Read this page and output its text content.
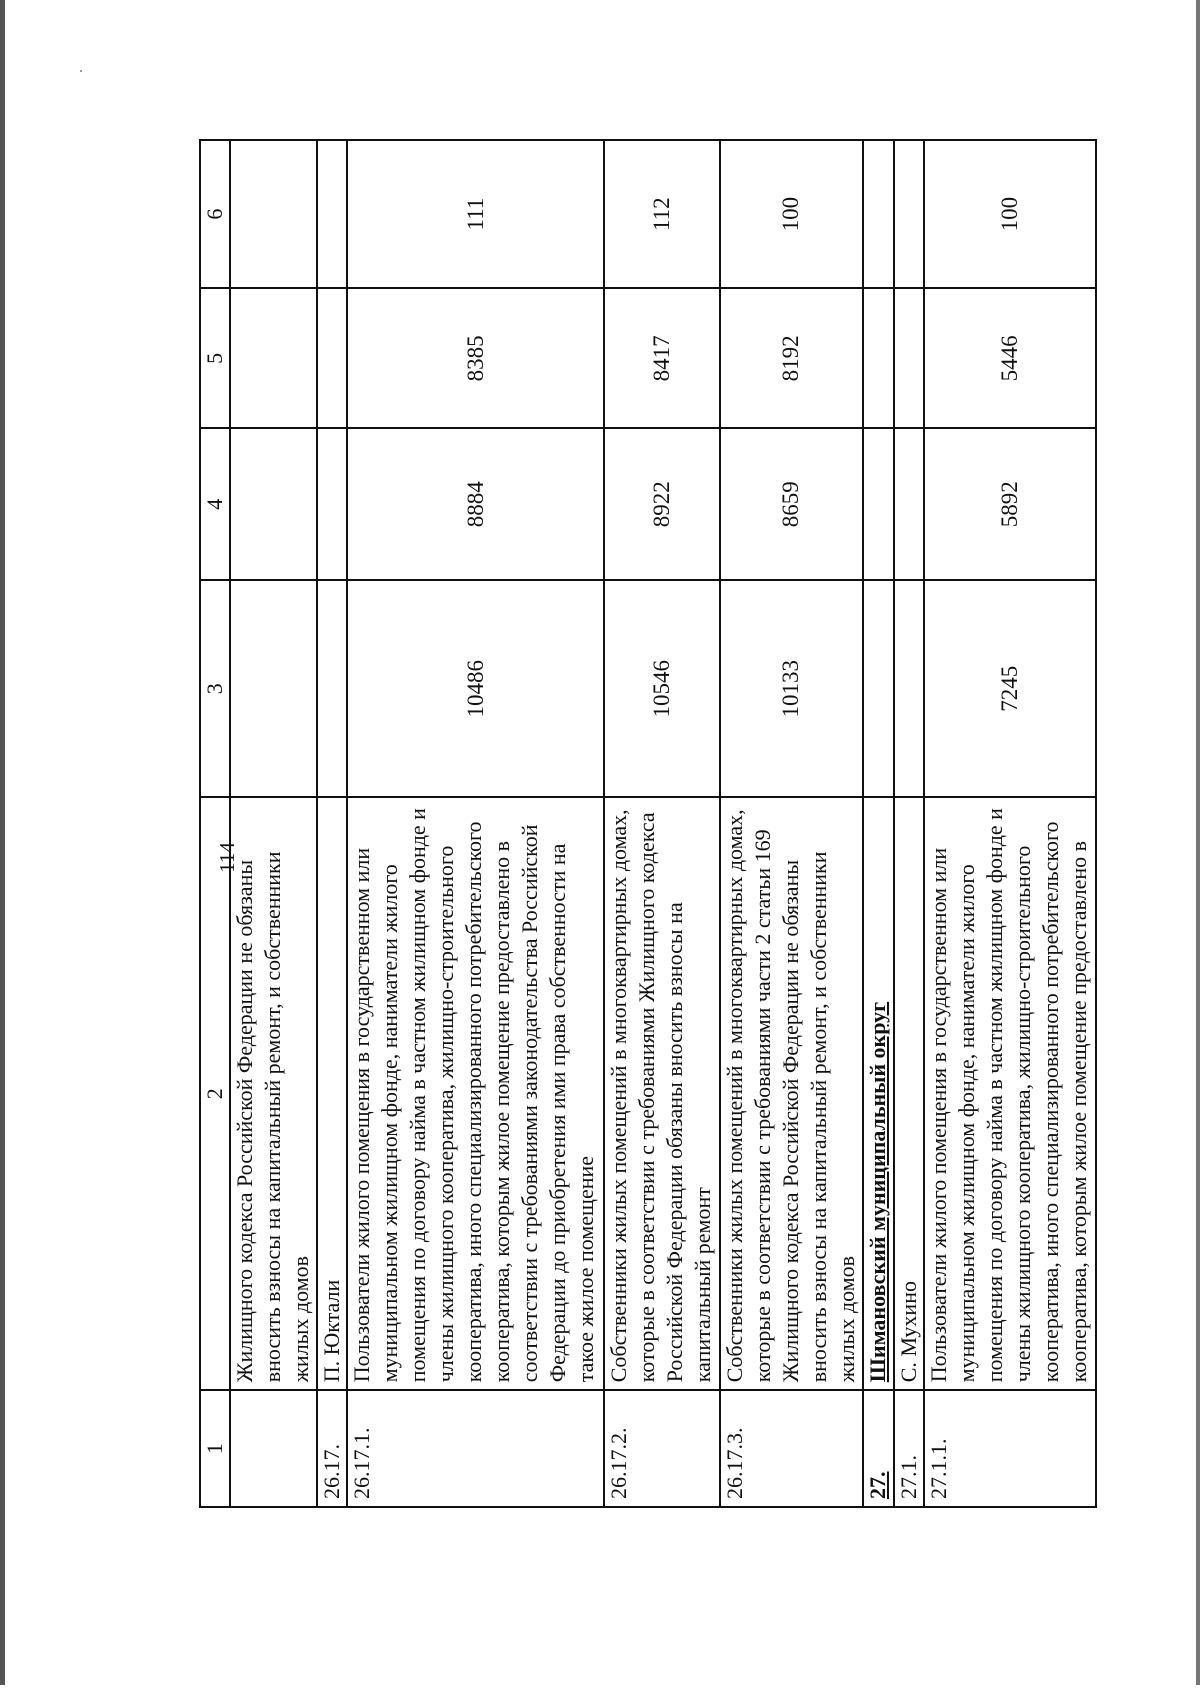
114
1	2	3	4	5	6
	Жилищного кодекса Российской Федерации не обязаны вносить взносы на капитальный ремонт, и собственники жилых домов				
26.17.	П. Юктали				
26.17.1.	Пользователи жилого помещения в государственном или муниципальном жилищном фонде, наниматели жилого помещения по договору найма в частном жилищном фонде и члены жилищного кооператива, жилищно-строительного кооператива, иного специализированного потребительского кооператива, которым жилое помещение предоставлено в соответствии с требованиями законодательства Российской Федерации до приобретения ими права собственности на такое жилое помещение	10486	8884	8385	111
26.17.2.	Собственники жилых помещений в многоквартирных домах, которые в соответствии с требованиями Жилищного кодекса Российской Федерации обязаны вносить взносы на капитальный ремонт	10546	8922	8417	112
26.17.3.	Собственники жилых помещений в многоквартирных домах, которые в соответствии с требованиями части 2 статьи 169 Жилищного кодекса Российской Федерации не обязаны вносить взносы на капитальный ремонт, и собственники жилых домов	10133	8659	8192	100
27.	Шимановский муниципальный округ				
27.1.	С. Мухино				
27.1.1.	Пользователи жилого помещения в государственном или муниципальном жилищном фонде, наниматели жилого помещения по договору найма в частном жилищном фонде и члены жилищного кооператива, жилищно-строительного кооператива, иного специализированного потребительского кооператива, которым жилое помещение предоставлено в	7245	5892	5446	100
